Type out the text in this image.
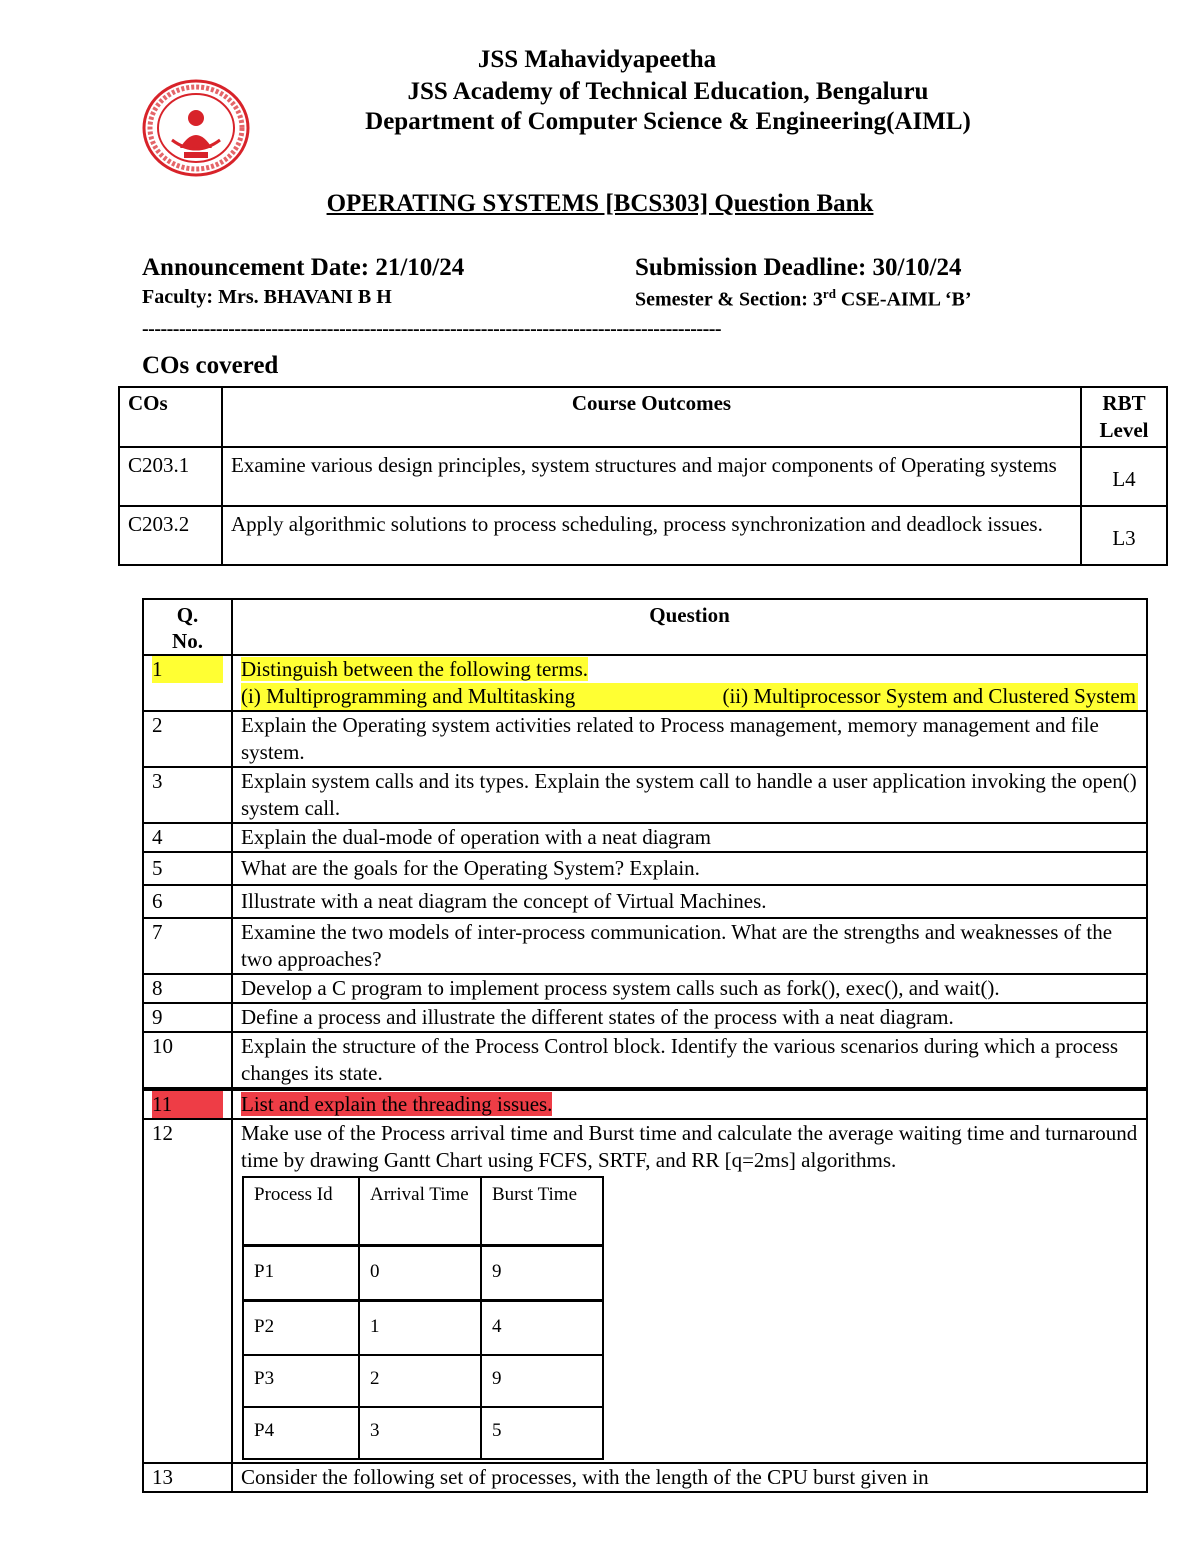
JSS Mahavidyapeetha
JSS Academy of Technical Education, Bengaluru
Department of Computer Science & Engineering(AIML)
OPERATING SYSTEMS [BCS303] Question Bank
Announcement Date: 21/10/24	Submission Deadline: 30/10/24
Faculty: Mrs. BHAVANI B H	Semester & Section: 3rd CSE-AIML ‘B’
----------------------------------------------------------------------------------------------
COs covered
COs	Course Outcomes	RBT
Level
C203.1	Examine various design principles, system structures and major components of Operating systems	L4
C203.2	Apply algorithmic solutions to process scheduling, process synchronization and deadlock issues.	L3
Q.
No.	Question

1	Distinguish between the following terms.
(i) Multiprogramming and Multitasking	(ii) Multiprocessor System and Clustered System

2	Explain the Operating system activities related to Process management, memory management and file system.
3	Explain system calls and its types. Explain the system call to handle a user application invoking the open() system call.
4	Explain the dual-mode of operation with a neat diagram
5	What are the goals for the Operating System? Explain.
6	Illustrate with a neat diagram the concept of Virtual Machines.
7	Examine the two models of inter-process communication. What are the strengths and weaknesses of the two approaches?
8	Develop a C program to implement process system calls such as fork(), exec(), and wait().
9	Define a process and illustrate the different states of the process with a neat diagram.
10	Explain the structure of the Process Control block. Identify the various scenarios during which a process changes its state.

11	List and explain the threading issues.
12	Make use of the Process arrival time and Burst time and calculate the average waiting time and turnaround time by drawing Gantt Chart using FCFS, SRTF, and RR [q=2ms] algorithms.
Process Id	Arrival Time	Burst Time
P1	0	9
P2	1	4
P3	2	9
P4	3	5

13	Consider the following set of processes, with the length of the CPU burst given in
